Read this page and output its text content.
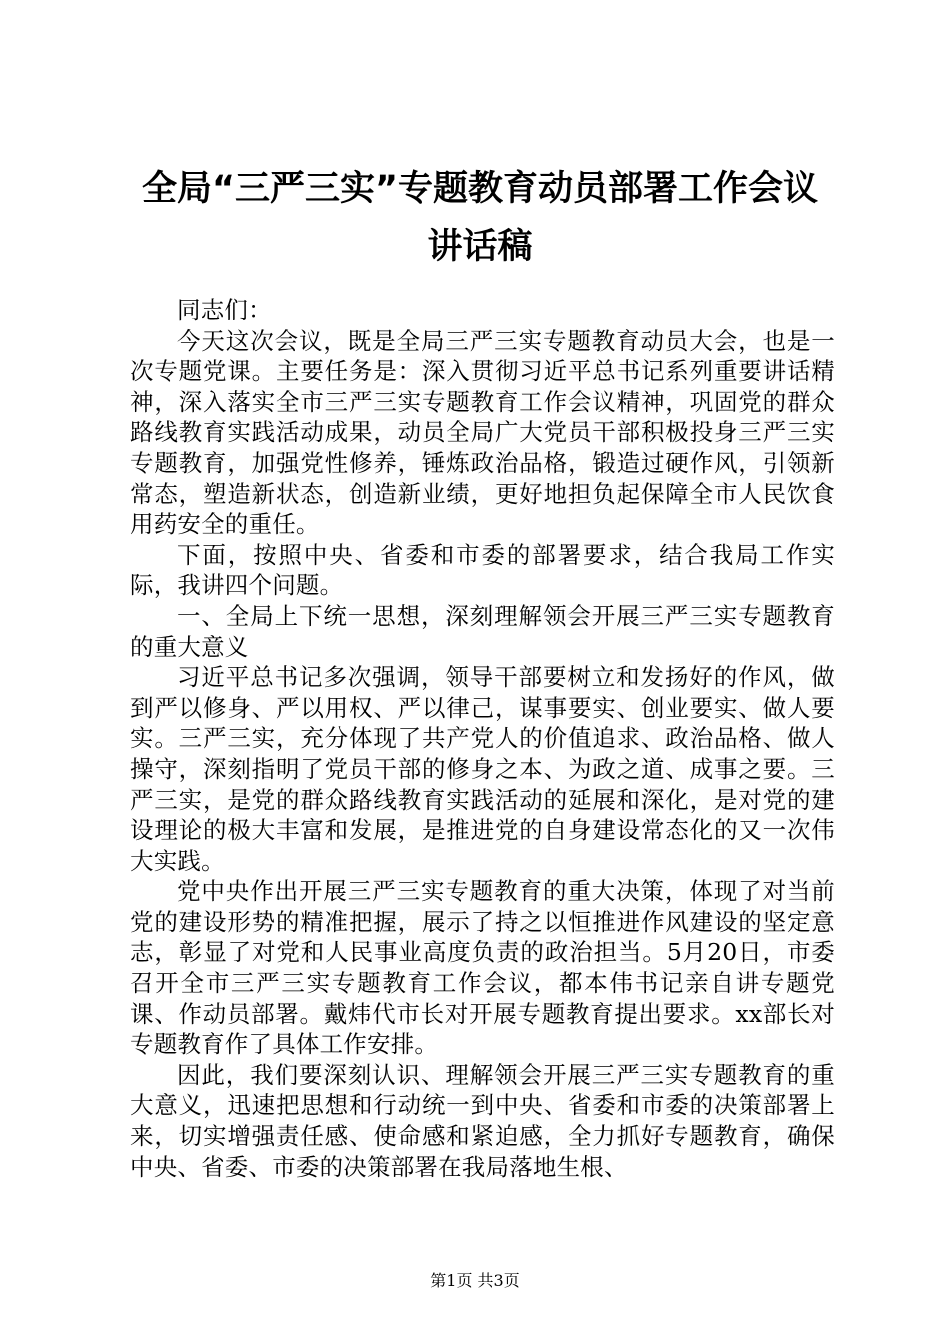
全局“三严三实”专题教育动员部署工作会议
讲话稿

同志们：

今天这次会议，既是全局三严三实专题教育动员大会，也是一次专题党课。主要任务是：深入贯彻习近平总书记系列重要讲话精神，深入落实全市三严三实专题教育工作会议精神，巩固党的群众路线教育实践活动成果，动员全局广大党员干部积极投身三严三实专题教育，加强党性修养，锤炼政治品格，锻造过硬作风，引领新常态，塑造新状态，创造新业绩，更好地担负起保障全市人民饮食用药安全的重任。

下面，按照中央、省委和市委的部署要求，结合我局工作实际，我讲四个问题。

一、全局上下统一思想，深刻理解领会开展三严三实专题教育的重大意义

习近平总书记多次强调，领导干部要树立和发扬好的作风，做到严以修身、严以用权、严以律己，谋事要实、创业要实、做人要实。三严三实，充分体现了共产党人的价值追求、政治品格、做人操守，深刻指明了党员干部的修身之本、为政之道、成事之要。三严三实，是党的群众路线教育实践活动的延展和深化，是对党的建设理论的极大丰富和发展，是推进党的自身建设常态化的又一次伟大实践。

党中央作出开展三严三实专题教育的重大决策，体现了对当前党的建设形势的精准把握，展示了持之以恒推进作风建设的坚定意志，彰显了对党和人民事业高度负责的政治担当。5月20日，市委召开全市三严三实专题教育工作会议，都本伟书记亲自讲专题党课、作动员部署。戴炜代市长对开展专题教育提出要求。xx部长对专题教育作了具体工作安排。

因此，我们要深刻认识、理解领会开展三严三实专题教育的重大意义，迅速把思想和行动统一到中央、省委和市委的决策部署上来，切实增强责任感、使命感和紧迫感，全力抓好专题教育，确保中央、省委、市委的决策部署在我局落地生根、

第1页 共3页
